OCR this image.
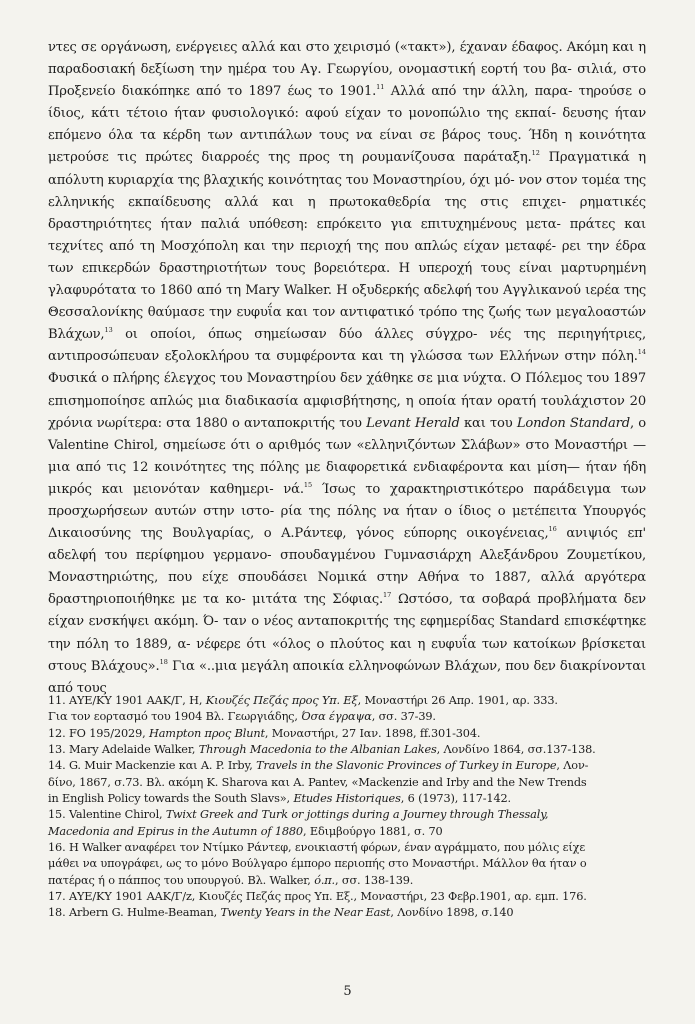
ντες σε οργάνωση, ενέργειες αλλά και στο χειρισμό («τακτ»), έχαναν έδαφος. Ακόμη και η παραδοσιακή δεξίωση την ημέρα του Αγ. Γεωργίου, ονομαστική εορτή του βα- σιλιά, στο Προξενείο διακόπηκε από το 1897 έως το 1901.11 Αλλά από την άλλη, παρα- τηρούσε ο ίδιος, κάτι τέτοιο ήταν φυσιολογικό: αφού είχαν το μονοπώλιο της εκπαί- δευσης ήταν επόμενο όλα τα κέρδη των αντιπάλων τους να είναι σε βάρος τους. Ήδη η κοινότητα μετρούσε τις πρώτες διαρροές της προς τη ρουμανίζουσα παράταξη.$^{12}$ Πραγματικά η απόλυτη κυριαρχία της βλαχικής κοινότητας του Μοναστηρίου, όχι μό- νον στον τομέα της ελληνικής εκπαίδευσης αλλά και η πρωτοκαθεδρία της στις επιχει- ρηματικές δραστηριότητες ήταν παλιά υπόθεση: επρόκειτο για επιτυχημένους μετα- πράτες και τεχνίτες από τη Μοσχόπολη και την περιοχή της που απλώς είχαν μεταφέ- ρει την έδρα των επικερδών δραστηριοτήτων τους βορειότερα. Η υπεροχή τους είναι μαρτυρημένη γλαφυρότατα το 1860 από τη Mary Walker. Η οξυδερκής αδελφή του Αγγλικανού ιερέα της Θεσσαλονίκης θαύμασε την ευφυΐα και τον αντιφατικό τρόπο της ζωής των μεγαλοαστών Βλάχων,$^{13}$ οι οποίοι, όπως σημείωσαν δύο άλλες σύγχρο- νές της περιηγήτριες, αντιπροσώπευαν εξολοκλήρου τα συμφέροντα και τη γλώσσα των Ελλήνων στην πόλη.$^{14}$ Φυσικά ο πλήρης έλεγχος του Μοναστηρίου δεν χάθηκε σε μια νύχτα. Ο Πόλεμος του 1897 επισημοποίησε απλώς μια διαδικασία αμφισβήτησης, η οποία ήταν ορατή τουλάχιστον 20 χρόνια νωρίτερα: στα 1880 ο ανταποκριτής του Levant Herald και του London Standard, ο Valentine Chirol, σημείωσε ότι ο αριθμός των «ελληνιζόντων Σλάβων» στο Μοναστήρι —μια από τις 12 κοινότητες της πόλης με διαφορετικά ενδιαφέροντα και μίση— ήταν ήδη μικρός και μειονόταν καθημερι- νά.$^{15}$ Ίσως το χαρακτηριστικότερο παράδειγμα των προσχωρήσεων αυτών στην ιστο- ρία της πόλης να ήταν ο ίδιος ο μετέπειτα Υπουργός Δικαιοσύνης της Βουλγαρίας, ο Α.Ράντεφ, γόνος εύπορης οικογένειας,$^{16}$ ανιψιός επ' αδελφή του περίφημου γερμανο- σπουδαγμένου Γυμνασιάρχη Αλεξάνδρου Ζουμετίκου, Μοναστηριώτης, που είχε σπουδάσει Νομικά στην Αθήνα το 1887, αλλά αργότερα δραστηριοποιήθηκε με τα κο- μιτάτα της Σόφιας.$^{17}$ Ωστόσο, τα σοβαρά προβλήματα δεν είχαν ενσκήψει ακόμη. Ό- ταν ο νέος ανταποκριτής της εφημερίδας Standard επισκέφτηκε την πόλη το 1889, α- νέφερε ότι «όλος ο πλούτος και η ευφυΐα των κατοίκων βρίσκεται στους Βλάχους».$^{18}$ Για «..μια μεγάλη αποικία ελληνοφώνων Βλάχων, που δεν διακρίνονται από τους

11. ΑΥΕ/ΚΥ 1901 ΑΑΚ/Γ, Η, Κιουζές Πεζάς προς Υπ. Εξ, Μοναστήρι 26 Απρ. 1901, αρ. 333.
Για τον εορτασμό του 1904 Βλ. Γεωργιάδης, Όσα έγραψα, σσ. 37-39.

12. FO 195/2029, Hampton προς Blunt, Μοναστήρι, 27 Ιαν. 1898, ff.301-304.

13. Mary Adelaide Walker, Through Macedonia to the Albanian Lakes, Λονδίνο 1864, σσ.137-138.

14. G. Muir Mackenzie και A. P. Irby, Travels in the Slavonic Provinces of Turkey in Europe, Λον-
δίνο, 1867, σ.73. Βλ. ακόμη K. Sharova και A. Pantev, «Mackenzie and Irby and the New Trends
in English Policy towards the South Slavs», Etudes Historiques, 6 (1973), 117-142.

15. Valentine Chirol, Twixt Greek and Turk or jottings during a Journey through Thessaly,
Macedonia and Epirus in the Autumn of 1880, Εδιμβούργο 1881, σ. 70

16. Η Walker αναφέρει τον Ντίμκο Ράντεφ, ενοικιαστή φόρων, έναν αγράμματο, που μόλις είχε
μάθει να υπογράφει, ως το μόνο Βούλγαρο έμπορο περιοπής στο Μοναστήρι. Μάλλον θα ήταν ο
πατέρας ή ο πάππος του υπουργού. Βλ. Walker, ό.π., σσ. 138-139.

17. ΑΥΕ/ΚΥ 1901 ΑΑΚ/Γ/z, Κιουζές Πεζάς προς Υπ. Εξ., Μοναστήρι, 23 Φεβρ.1901, αρ. εμπ. 176.

18. Arbern G. Hulme-Beaman, Twenty Years in the Near East, Λονδίνο 1898, σ.140

5
